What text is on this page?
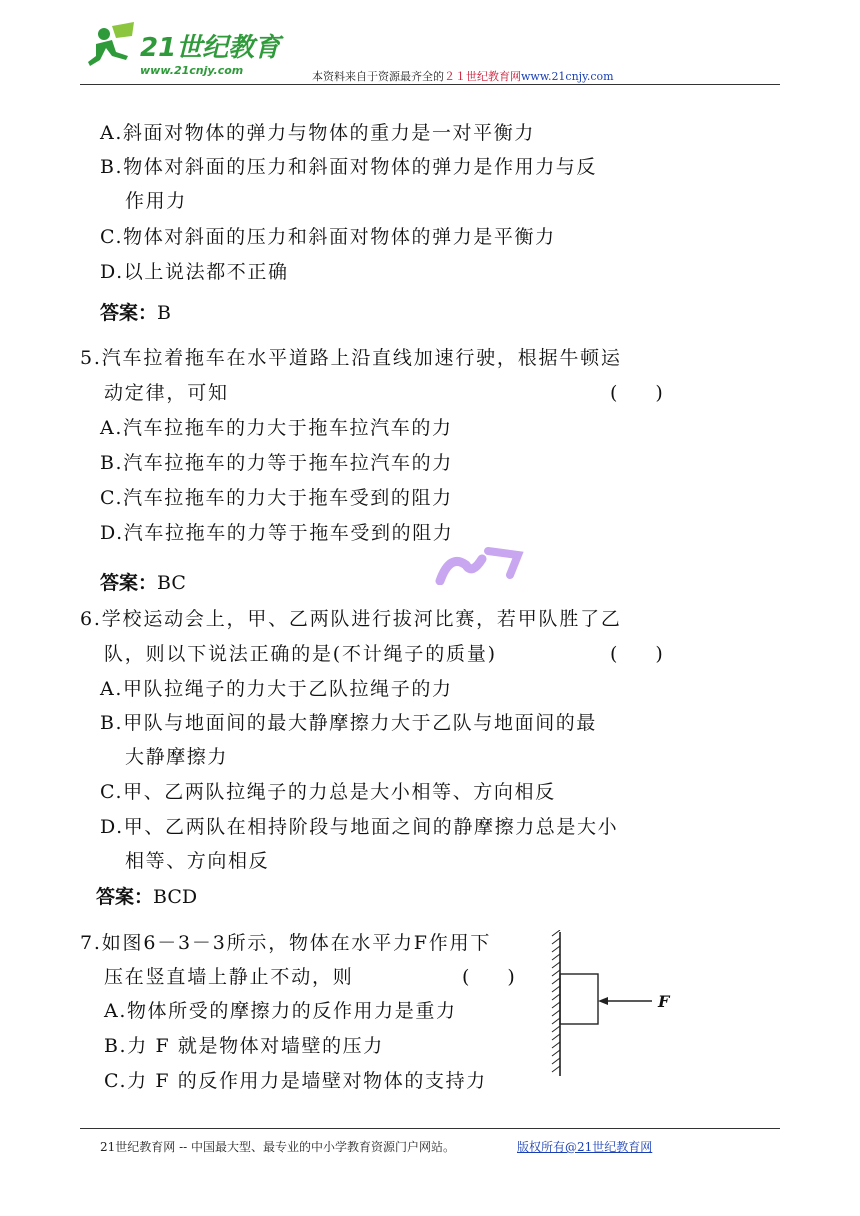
21世纪教育
www.21cnjy.com	本资料来自于资源最齐全的２１世纪教育网www.21cnjy.com
A.斜面对物体的弹力与物体的重力是一对平衡力
B.物体对斜面的压力和斜面对物体的弹力是作用力与反
作用力
C.物体对斜面的压力和斜面对物体的弹力是平衡力
D.以上说法都不正确
答案：B
5.汽车拉着拖车在水平道路上沿直线加速行驶，根据牛顿运
动定律，可知	(　　)
A.汽车拉拖车的力大于拖车拉汽车的力
B.汽车拉拖车的力等于拖车拉汽车的力
C.汽车拉拖车的力大于拖车受到的阻力
D.汽车拉拖车的力等于拖车受到的阻力
答案：BC
6.学校运动会上，甲、乙两队进行拔河比赛，若甲队胜了乙
队，则以下说法正确的是(不计绳子的质量)	(　　)
A.甲队拉绳子的力大于乙队拉绳子的力
B.甲队与地面间的最大静摩擦力大于乙队与地面间的最
大静摩擦力
C.甲、乙两队拉绳子的力总是大小相等、方向相反
D.甲、乙两队在相持阶段与地面之间的静摩擦力总是大小
相等、方向相反
答案：BCD
7.如图6－3－3所示，物体在水平力F作用下
压在竖直墙上静止不动，则	(　　)
A.物体所受的摩擦力的反作用力是重力
B.力 F 就是物体对墙壁的压力
C.力 F 的反作用力是墙壁对物体的支持力
F
21世纪教育网 -- 中国最大型、最专业的中小学教育资源门户网站。	版权所有@21世纪教育网
